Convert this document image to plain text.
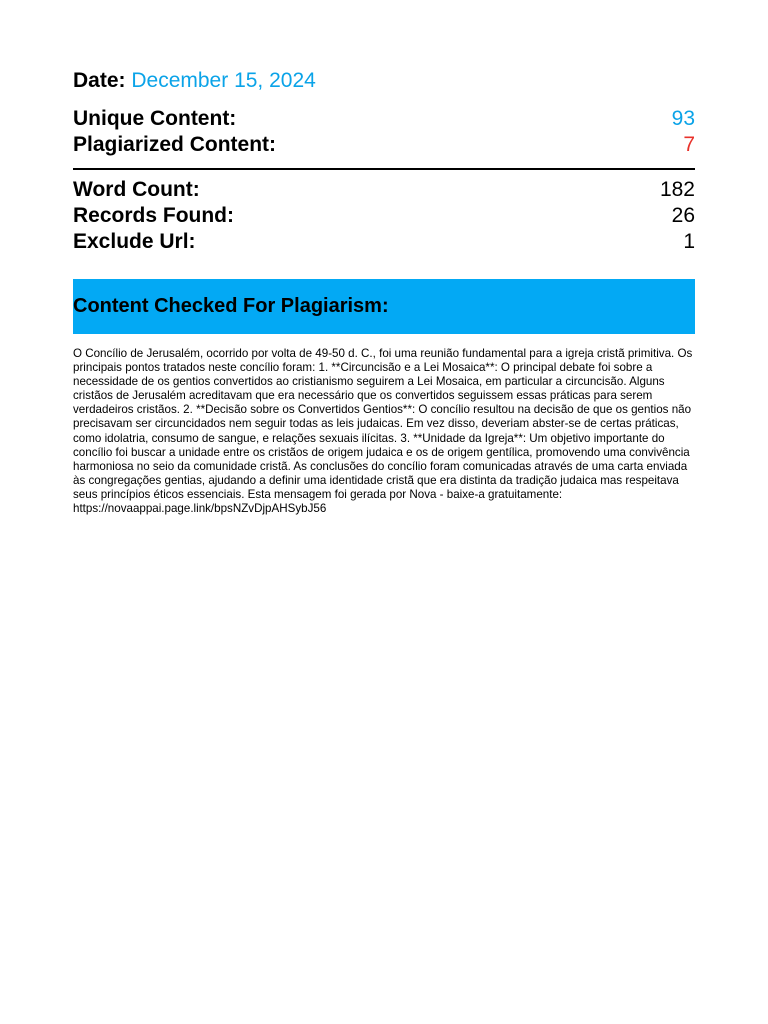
Date: December 15, 2024
Unique Content:	93
Plagiarized Content:	7
Word Count:	182
Records Found:	26
Exclude Url:	1
Content Checked For Plagiarism:

O Concílio de Jerusalém, ocorrido por volta de 49-50 d. C., foi uma reunião fundamental para a igreja cristã primitiva. Os principais pontos tratados neste concílio foram: 1. **Circuncisão e a Lei Mosaica**: O principal debate foi sobre a necessidade de os gentios convertidos ao cristianismo seguirem a Lei Mosaica, em particular a circuncisão. Alguns cristãos de Jerusalém acreditavam que era necessário que os convertidos seguissem essas práticas para serem verdadeiros cristãos. 2. **Decisão sobre os Convertidos Gentios**: O concílio resultou na decisão de que os gentios não precisavam ser circuncidados nem seguir todas as leis judaicas. Em vez disso, deveriam abster-se de certas práticas, como idolatria, consumo de sangue, e relações sexuais ilícitas. 3. **Unidade da Igreja**: Um objetivo importante do concílio foi buscar a unidade entre os cristãos de origem judaica e os de origem gentílica, promovendo uma convivência harmoniosa no seio da comunidade cristã. As conclusões do concílio foram comunicadas através de uma carta enviada às congregações gentias, ajudando a definir uma identidade cristã que era distinta da tradição judaica mas respeitava seus princípios éticos essenciais. Esta mensagem foi gerada por Nova - baixe-a gratuitamente: https://novaappai.page.link/bpsNZvDjpAHSybJ56
